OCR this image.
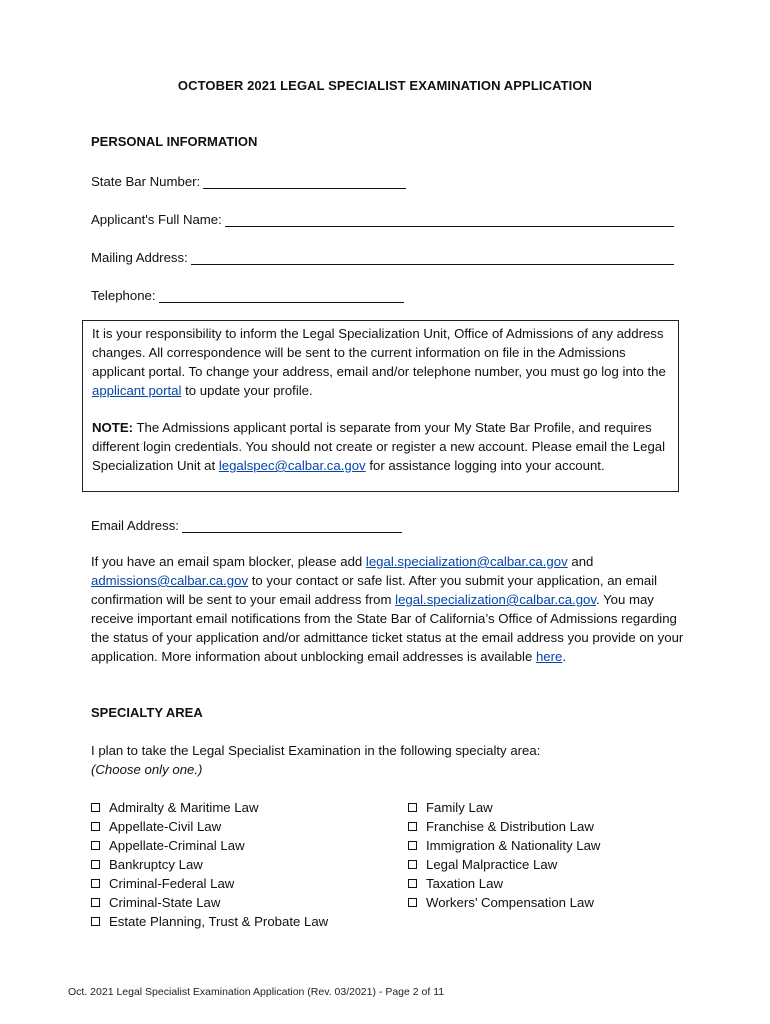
OCTOBER 2021 LEGAL SPECIALIST EXAMINATION APPLICATION
PERSONAL INFORMATION
State Bar Number:
Applicant's Full Name:
Mailing Address:
Telephone:

It is your responsibility to inform the Legal Specialization Unit, Office of Admissions of any address changes. All correspondence will be sent to the current information on file in the Admissions applicant portal. To change your address, email and/or telephone number, you must go log into the applicant portal to update your profile.

NOTE: The Admissions applicant portal is separate from your My State Bar Profile, and requires different login credentials. You should not create or register a new account. Please email the Legal Specialization Unit at legalspec@calbar.ca.gov for assistance logging into your account.

Email Address:

If you have an email spam blocker, please add legal.specialization@calbar.ca.gov and admissions@calbar.ca.gov to your contact or safe list. After you submit your application, an email confirmation will be sent to your email address from legal.specialization@calbar.ca.gov. You may receive important email notifications from the State Bar of California’s Office of Admissions regarding the status of your application and/or admittance ticket status at the email address you provide on your application. More information about unblocking email addresses is available here.

SPECIALTY AREA

I plan to take the Legal Specialist Examination in the following specialty area:

(Choose only one.)

Admiralty & Maritime Law
Appellate-Civil Law
Appellate-Criminal Law
Bankruptcy Law
Criminal-Federal Law
Criminal-State Law
Estate Planning, Trust & Probate Law
Family Law
Franchise & Distribution Law
Immigration & Nationality Law
Legal Malpractice Law
Taxation Law
Workers’ Compensation Law
Oct. 2021 Legal Specialist Examination Application (Rev. 03/2021) - Page 2 of 11
